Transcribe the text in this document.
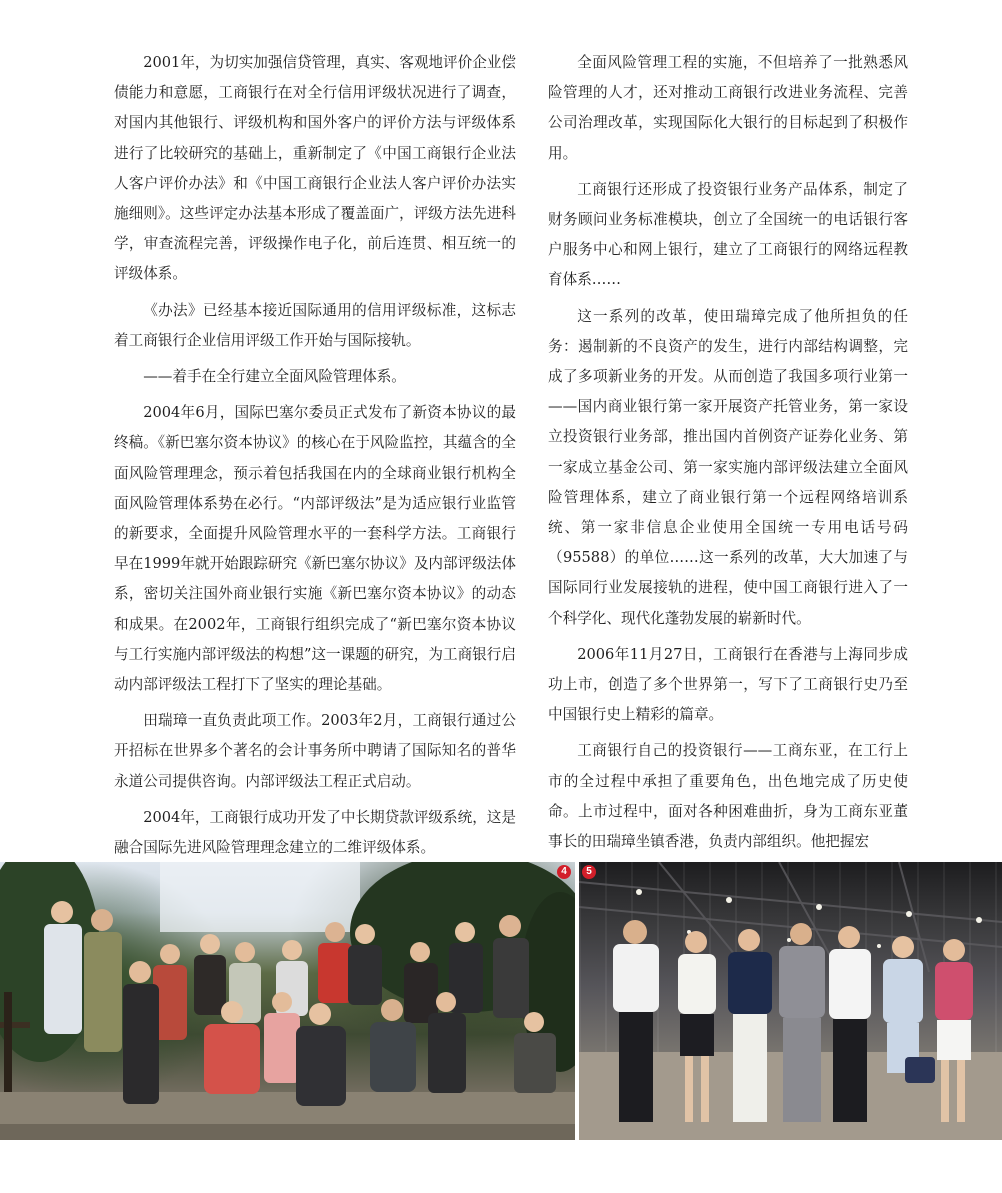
2001年，为切实加强信贷管理，真实、客观地评价企业偿债能力和意愿，工商银行在对全行信用评级状况进行了调查，对国内其他银行、评级机构和国外客户的评价方法与评级体系进行了比较研究的基础上，重新制定了《中国工商银行企业法人客户评价办法》和《中国工商银行企业法人客户评价办法实施细则》。这些评定办法基本形成了覆盖面广，评级方法先进科学，审查流程完善，评级操作电子化，前后连贯、相互统一的评级体系。

《办法》已经基本接近国际通用的信用评级标准，这标志着工商银行企业信用评级工作开始与国际接轨。

——着手在全行建立全面风险管理体系。

2004年6月，国际巴塞尔委员正式发布了新资本协议的最终稿。《新巴塞尔资本协议》的核心在于风险监控，其蕴含的全面风险管理理念，预示着包括我国在内的全球商业银行机构全面风险管理体系势在必行。“内部评级法”是为适应银行业监管的新要求，全面提升风险管理水平的一套科学方法。工商银行早在1999年就开始跟踪研究《新巴塞尔协议》及内部评级法体系，密切关注国外商业银行实施《新巴塞尔资本协议》的动态和成果。在2002年，工商银行组织完成了“新巴塞尔资本协议与工行实施内部评级法的构想”这一课题的研究，为工商银行启动内部评级法工程打下了坚实的理论基础。

田瑞璋一直负责此项工作。2003年2月，工商银行通过公开招标在世界多个著名的会计事务所中聘请了国际知名的普华永道公司提供咨询。内部评级法工程正式启动。

2004年，工商银行成功开发了中长期贷款评级系统，这是融合国际先进风险管理理念建立的二维评级体系。

全面风险管理工程的实施，不但培养了一批熟悉风险管理的人才，还对推动工商银行改进业务流程、完善公司治理改革，实现国际化大银行的目标起到了积极作用。

工商银行还形成了投资银行业务产品体系，制定了财务顾问业务标准模块，创立了全国统一的电话银行客户服务中心和网上银行，建立了工商银行的网络远程教育体系……

这一系列的改革，使田瑞璋完成了他所担负的任务：遏制新的不良资产的发生，进行内部结构调整，完成了多项新业务的开发。从而创造了我国多项行业第一——国内商业银行第一家开展资产托管业务，第一家设立投资银行业务部，推出国内首例资产证券化业务、第一家成立基金公司、第一家实施内部评级法建立全面风险管理体系，建立了商业银行第一个远程网络培训系统、第一家非信息企业使用全国统一专用电话号码（95588）的单位……这一系列的改革，大大加速了与国际同行业发展接轨的进程，使中国工商银行进入了一个科学化、现代化蓬勃发展的崭新时代。

2006年11月27日，工商银行在香港与上海同步成功上市，创造了多个世界第一，写下了工商银行史乃至中国银行史上精彩的篇章。

工商银行自己的投资银行——工商东亚，在工行上市的全过程中承担了重要角色，出色地完成了历史使命。上市过程中，面对各种困难曲折，身为工商东亚董事长的田瑞璋坐镇香港，负责内部组织。他把握宏

4	5
